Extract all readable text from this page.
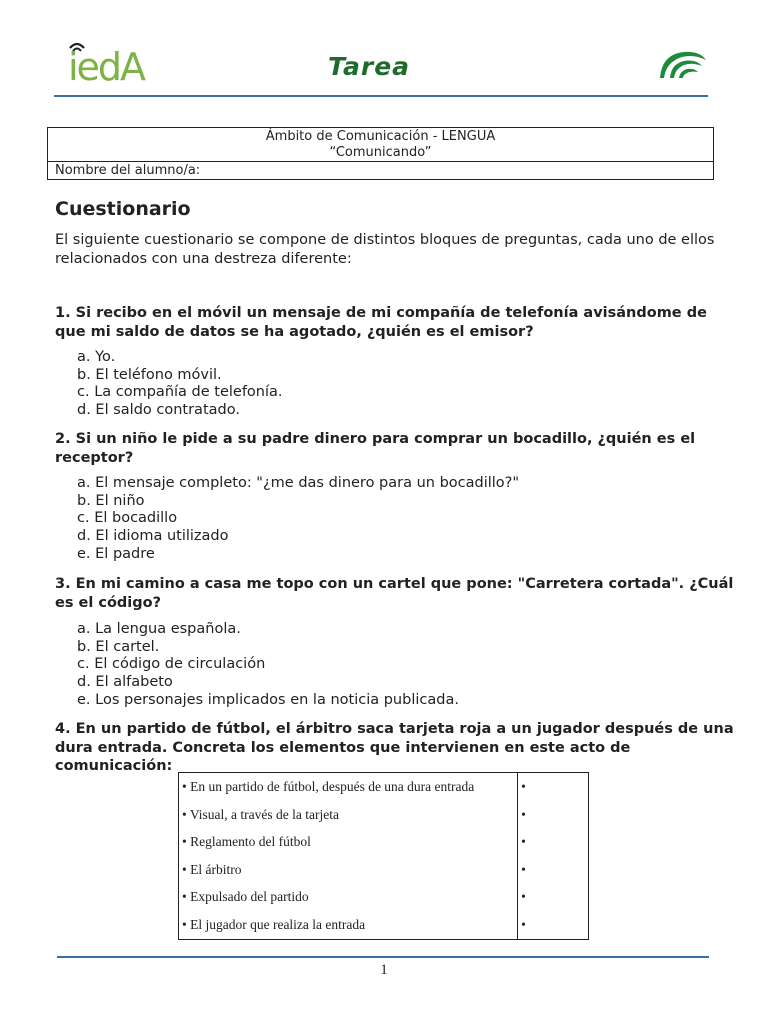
iedA	Tarea
Ámbito de Comunicación - LENGUA
“Comunicando”
Nombre del alumno/a:
Cuestionario

El siguiente cuestionario se compone de distintos bloques de preguntas, cada uno de ellos relacionados con una destreza diferente:

1. Si recibo en el móvil un mensaje de mi compañía de telefonía avisándome de que mi saldo de datos se ha agotado, ¿quién es el emisor?

a. Yo.
b. El teléfono móvil.
c. La compañía de telefonía.
d. El saldo contratado.

2. Si un niño le pide a su padre dinero para comprar un bocadillo, ¿quién es el receptor?

a. El mensaje completo: "¿me das dinero para un bocadillo?"
b. El niño
c. El bocadillo
d. El idioma utilizado
e. El padre

3. En mi camino a casa me topo con un cartel que pone: "Carretera cortada". ¿Cuál es el código?

a. La lengua española.
b. El cartel.
c. El código de circulación
d. El alfabeto
e. Los personajes implicados en la noticia publicada.

4. En un partido de fútbol, el árbitro saca tarjeta roja a un jugador después de una dura entrada. Concreta los elementos que intervienen en este acto de comunicación:

• En un partido de fútbol, después de una dura entrada	•
• Visual, a través de la tarjeta	•
• Reglamento del fútbol	•
• El árbitro	•
• Expulsado del partido	•
• El jugador que realiza la entrada	•
1
